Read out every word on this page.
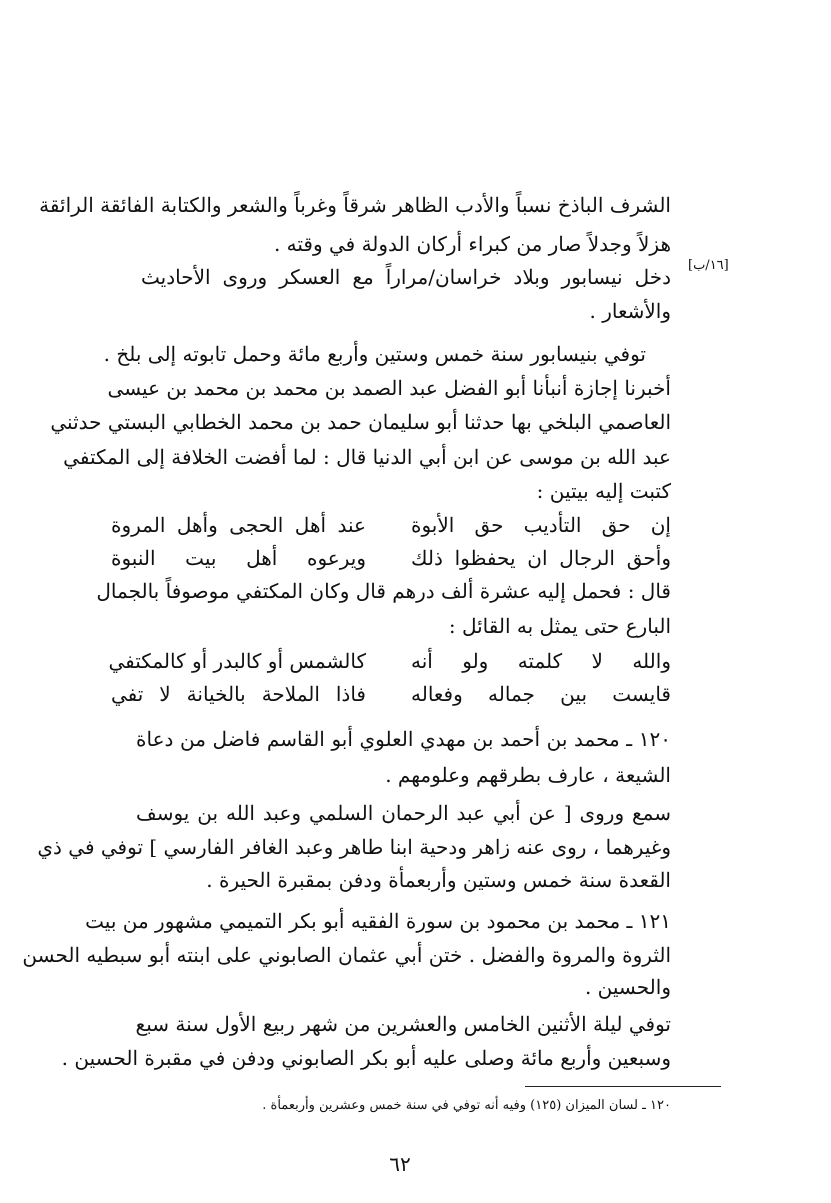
[١٦/ب]
الشرف الباذخ نسباً والأدب الظاهر شرقاً وغرباً والشعر والكتابة الفائقة الرائقة
هزلاً وجدلاً صار من كبراء أركان الدولة في وقته .
دخل نيسابور وبلاد خراسان/مراراً مع العسكر وروى الأحاديث
والأشعار .
توفي بنيسابور سنة خمس وستين وأربع مائة وحمل تابوته إلى بلخ .
أخبرنا إجازة أنبأنا أبو الفضل عبد الصمد بن محمد بن محمد بن عيسى
العاصمي البلخي بها حدثنا أبو سليمان حمد بن محمد الخطابي البستي حدثني
عبد الله بن موسى عن ابن أبي الدنيا قال : لما أفضت الخلافة إلى المكتفي
كتبت إليه بيتين :
إن حق التأديب حق الأبوة
عند أهل الحجى وأهل المروة
وأحق الرجال ان يحفظوا ذلك
ويرعوه أهل بيت النبوة
قال : فحمل إليه عشرة ألف درهم قال وكان المكتفي موصوفاً بالجمال
البارع حتى يمثل به القائل :
والله لا كلمته ولو أنه
كالشمس أو كالبدر أو كالمكتفي
قايست بين جماله وفعاله
فاذا الملاحة بالخيانة لا تفي
١٢٠ ـ محمد بن أحمد بن مهدي العلوي أبو القاسم فاضل من دعاة
الشيعة ، عارف بطرقهم وعلومهم .
سمع وروى [ عن أبي عبد الرحمان السلمي وعبد الله بن يوسف
وغيرهما ، روى عنه زاهر ودحية ابنا طاهر وعبد الغافر الفارسي ] توفي في ذي
القعدة سنة خمس وستين وأربعمأة ودفن بمقبرة الحيرة .
١٢١ ـ محمد بن محمود بن سورة الفقيه أبو بكر التميمي مشهور من بيت
الثروة والمروة والفضل . ختن أبي عثمان الصابوني على ابنته أبو سبطيه الحسن
والحسين .
توفي ليلة الأثنين الخامس والعشرين من شهر ربيع الأول سنة سبع
وسبعين وأربع مائة وصلى عليه أبو بكر الصابوني ودفن في مقبرة الحسين .
١٢٠ ـ لسان الميزان (١٢٥) وفيه أنه توفي في سنة خمس وعشرين وأربعمأة .
٦٢
